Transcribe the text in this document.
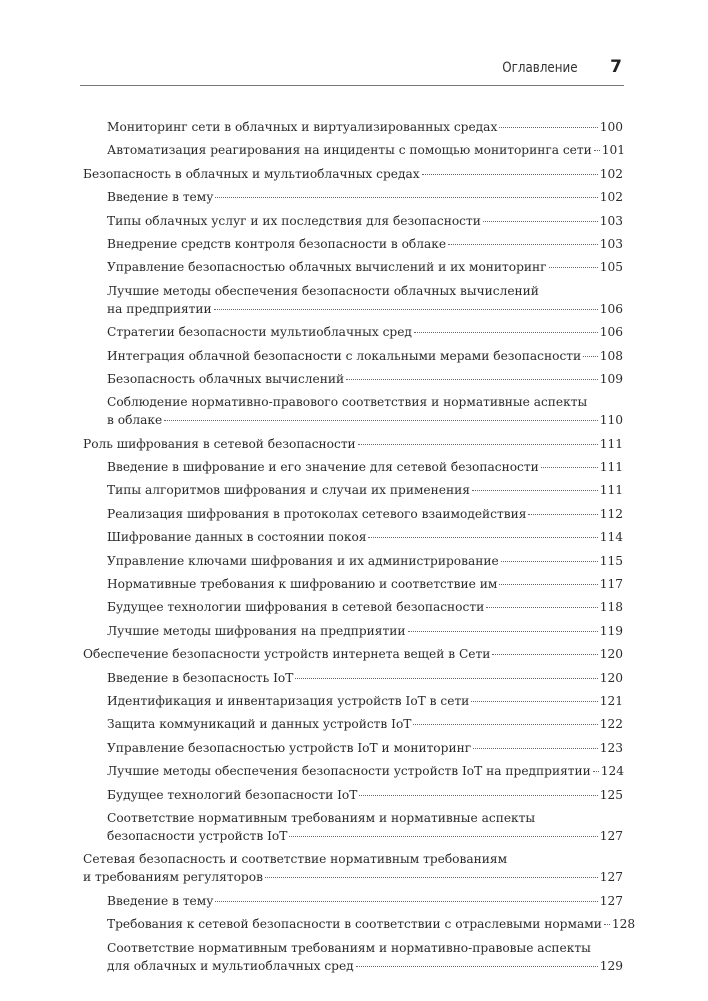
Оглавление 7
Мониторинг сети в облачных и виртуализированных средах	100
Автоматизация реагирования на инциденты с помощью мониторинга сети 101
Безопасность в облачных и мультиоблачных средах	102
Введение в тему	102
Типы облачных услуг и их последствия для безопасности	103
Внедрение средств контроля безопасности в облаке	103
Управление безопасностью облачных вычислений и их мониторинг	105
Лучшие методы обеспечения безопасности облачных вычислений
на предприятии	106
Стратегии безопасности мультиоблачных сред	106
Интеграция облачной безопасности с локальными мерами безопасности 108
Безопасность облачных вычислений	109
Соблюдение нормативно-правового соответствия и нормативные аспекты
в облаке	110
Роль шифрования в сетевой безопасности	111
Введение в шифрование и его значение для сетевой безопасности	111
Типы алгоритмов шифрования и случаи их применения	111
Реализация шифрования в протоколах сетевого взаимодействия	112
Шифрование данных в состоянии покоя	114
Управление ключами шифрования и их администрирование	115
Нормативные требования к шифрованию и соответствие им	117
Будущее технологии шифрования в сетевой безопасности	118
Лучшие методы шифрования на предприятии	119
Обеспечение безопасности устройств интернета вещей в Сети	120
Введение в безопасность IoT	120
Идентификация и инвентаризация устройств IoT в сети	121
Защита коммуникаций и данных устройств IoT	122
Управление безопасностью устройств IoT и мониторинг	123
Лучшие методы обеспечения безопасности устройств IoT на предприятии 124
Будущее технологий безопасности IoT	125
Соответствие нормативным требованиям и нормативные аспекты
безопасности устройств IoT	127
Сетевая безопасность и соответствие нормативным требованиям
и требованиям регуляторов	127
Введение в тему	127
Требования к сетевой безопасности в соответствии с отраслевыми нормами 128
Соответствие нормативным требованиям и нормативно-правовые аспекты
для облачных и мультиоблачных сред	129
